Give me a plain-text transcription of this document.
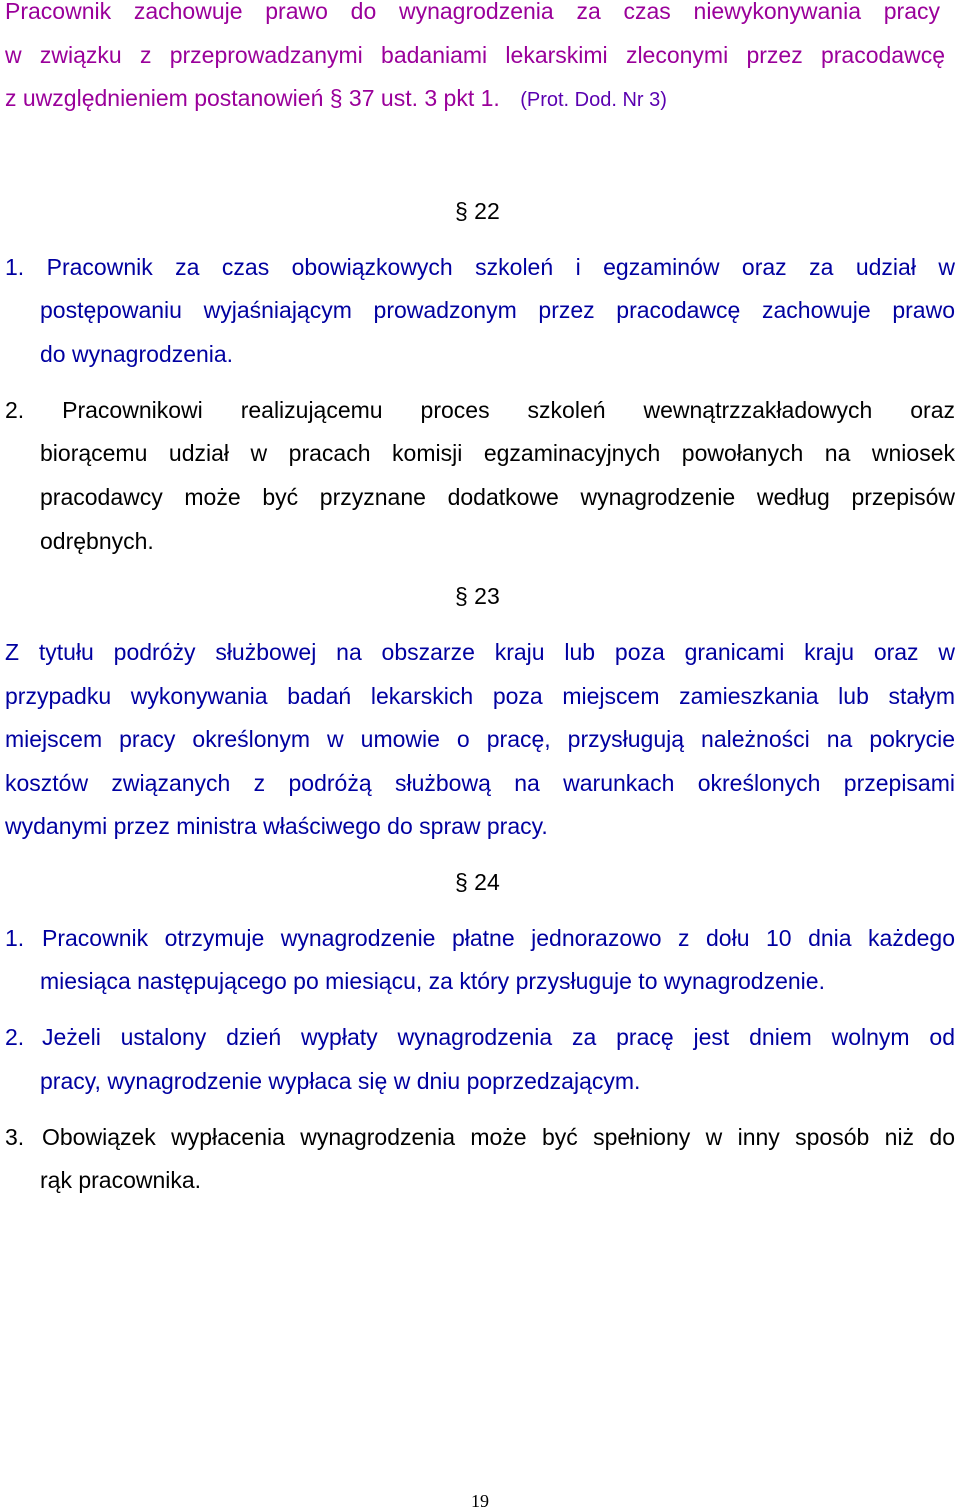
Pracownik zachowuje prawo do wynagrodzenia za czas niewykonywania pracy

w związku z przeprowadzanymi badaniami lekarskimi zleconymi przez pracodawcę

z uwzględnieniem postanowień § 37 ust. 3 pkt 1. (Prot. Dod. Nr 3)

§ 22

1. Pracownik za czas obowiązkowych szkoleń i egzaminów oraz za udział w

postępowaniu wyjaśniającym prowadzonym przez pracodawcę zachowuje prawo

do wynagrodzenia.

2. Pracownikowi realizującemu proces szkoleń wewnątrzzakładowych oraz

biorącemu udział w pracach komisji egzaminacyjnych powołanych na wniosek

pracodawcy może być przyznane dodatkowe wynagrodzenie według przepisów

odrębnych.

§ 23

Z tytułu podróży służbowej na obszarze kraju lub poza granicami kraju oraz w

przypadku wykonywania badań lekarskich poza miejscem zamieszkania lub stałym

miejscem pracy określonym w umowie o pracę, przysługują należności na pokrycie

kosztów związanych z podróżą służbową na warunkach określonych przepisami

wydanymi przez ministra właściwego do spraw pracy.

§ 24

1. Pracownik otrzymuje wynagrodzenie płatne jednorazowo z dołu 10 dnia każdego

miesiąca następującego po miesiącu, za który przysługuje to wynagrodzenie.

2. Jeżeli ustalony dzień wypłaty wynagrodzenia za pracę jest dniem wolnym od

pracy, wynagrodzenie wypłaca się w dniu poprzedzającym.

3. Obowiązek wypłacenia wynagrodzenia może być spełniony w inny sposób niż do

rąk pracownika.

19
